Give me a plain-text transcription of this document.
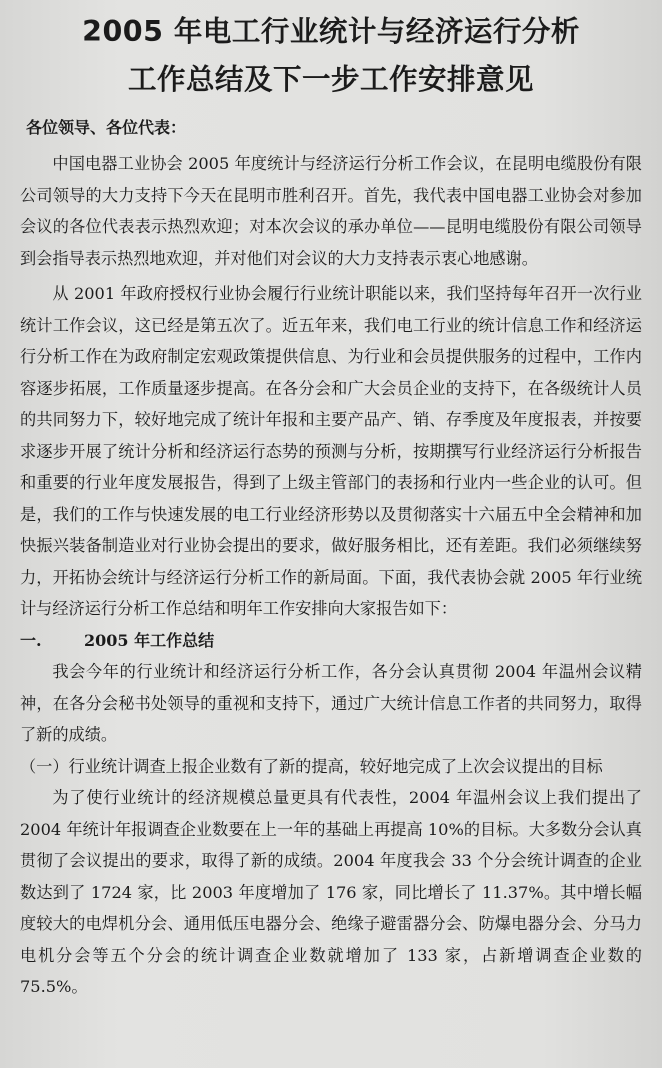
2005 年电工行业统计与经济运行分析
工作总结及下一步工作安排意见

各位领导、各位代表：

中国电器工业协会 2005 年度统计与经济运行分析工作会议，在昆明电缆股份有限公司领导的大力支持下今天在昆明市胜利召开。首先，我代表中国电器工业协会对参加会议的各位代表表示热烈欢迎；对本次会议的承办单位——昆明电缆股份有限公司领导到会指导表示热烈地欢迎，并对他们对会议的大力支持表示衷心地感谢。

从 2001 年政府授权行业协会履行行业统计职能以来，我们坚持每年召开一次行业统计工作会议，这已经是第五次了。近五年来，我们电工行业的统计信息工作和经济运行分析工作在为政府制定宏观政策提供信息、为行业和会员提供服务的过程中，工作内容逐步拓展，工作质量逐步提高。在各分会和广大会员企业的支持下，在各级统计人员的共同努力下，较好地完成了统计年报和主要产品产、销、存季度及年度报表，并按要求逐步开展了统计分析和经济运行态势的预测与分析，按期撰写行业经济运行分析报告和重要的行业年度发展报告，得到了上级主管部门的表扬和行业内一些企业的认可。但是，我们的工作与快速发展的电工行业经济形势以及贯彻落实十六届五中全会精神和加快振兴装备制造业对行业协会提出的要求，做好服务相比，还有差距。我们必须继续努力，开拓协会统计与经济运行分析工作的新局面。下面，我代表协会就 2005 年行业统计与经济运行分析工作总结和明年工作安排向大家报告如下：

一.	2005 年工作总结

我会今年的行业统计和经济运行分析工作，各分会认真贯彻 2004 年温州会议精神，在各分会秘书处领导的重视和支持下，通过广大统计信息工作者的共同努力，取得了新的成绩。

（一）行业统计调查上报企业数有了新的提高，较好地完成了上次会议提出的目标

为了使行业统计的经济规模总量更具有代表性，2004 年温州会议上我们提出了 2004 年统计年报调查企业数要在上一年的基础上再提高 10%的目标。大多数分会认真贯彻了会议提出的要求，取得了新的成绩。2004 年度我会 33 个分会统计调查的企业数达到了 1724 家，比 2003 年度增加了 176 家，同比增长了 11.37%。其中增长幅度较大的电焊机分会、通用低压电器分会、绝缘子避雷器分会、防爆电器分会、分马力电机分会等五个分会的统计调查企业数就增加了 133 家，占新增调查企业数的 75.5%。
